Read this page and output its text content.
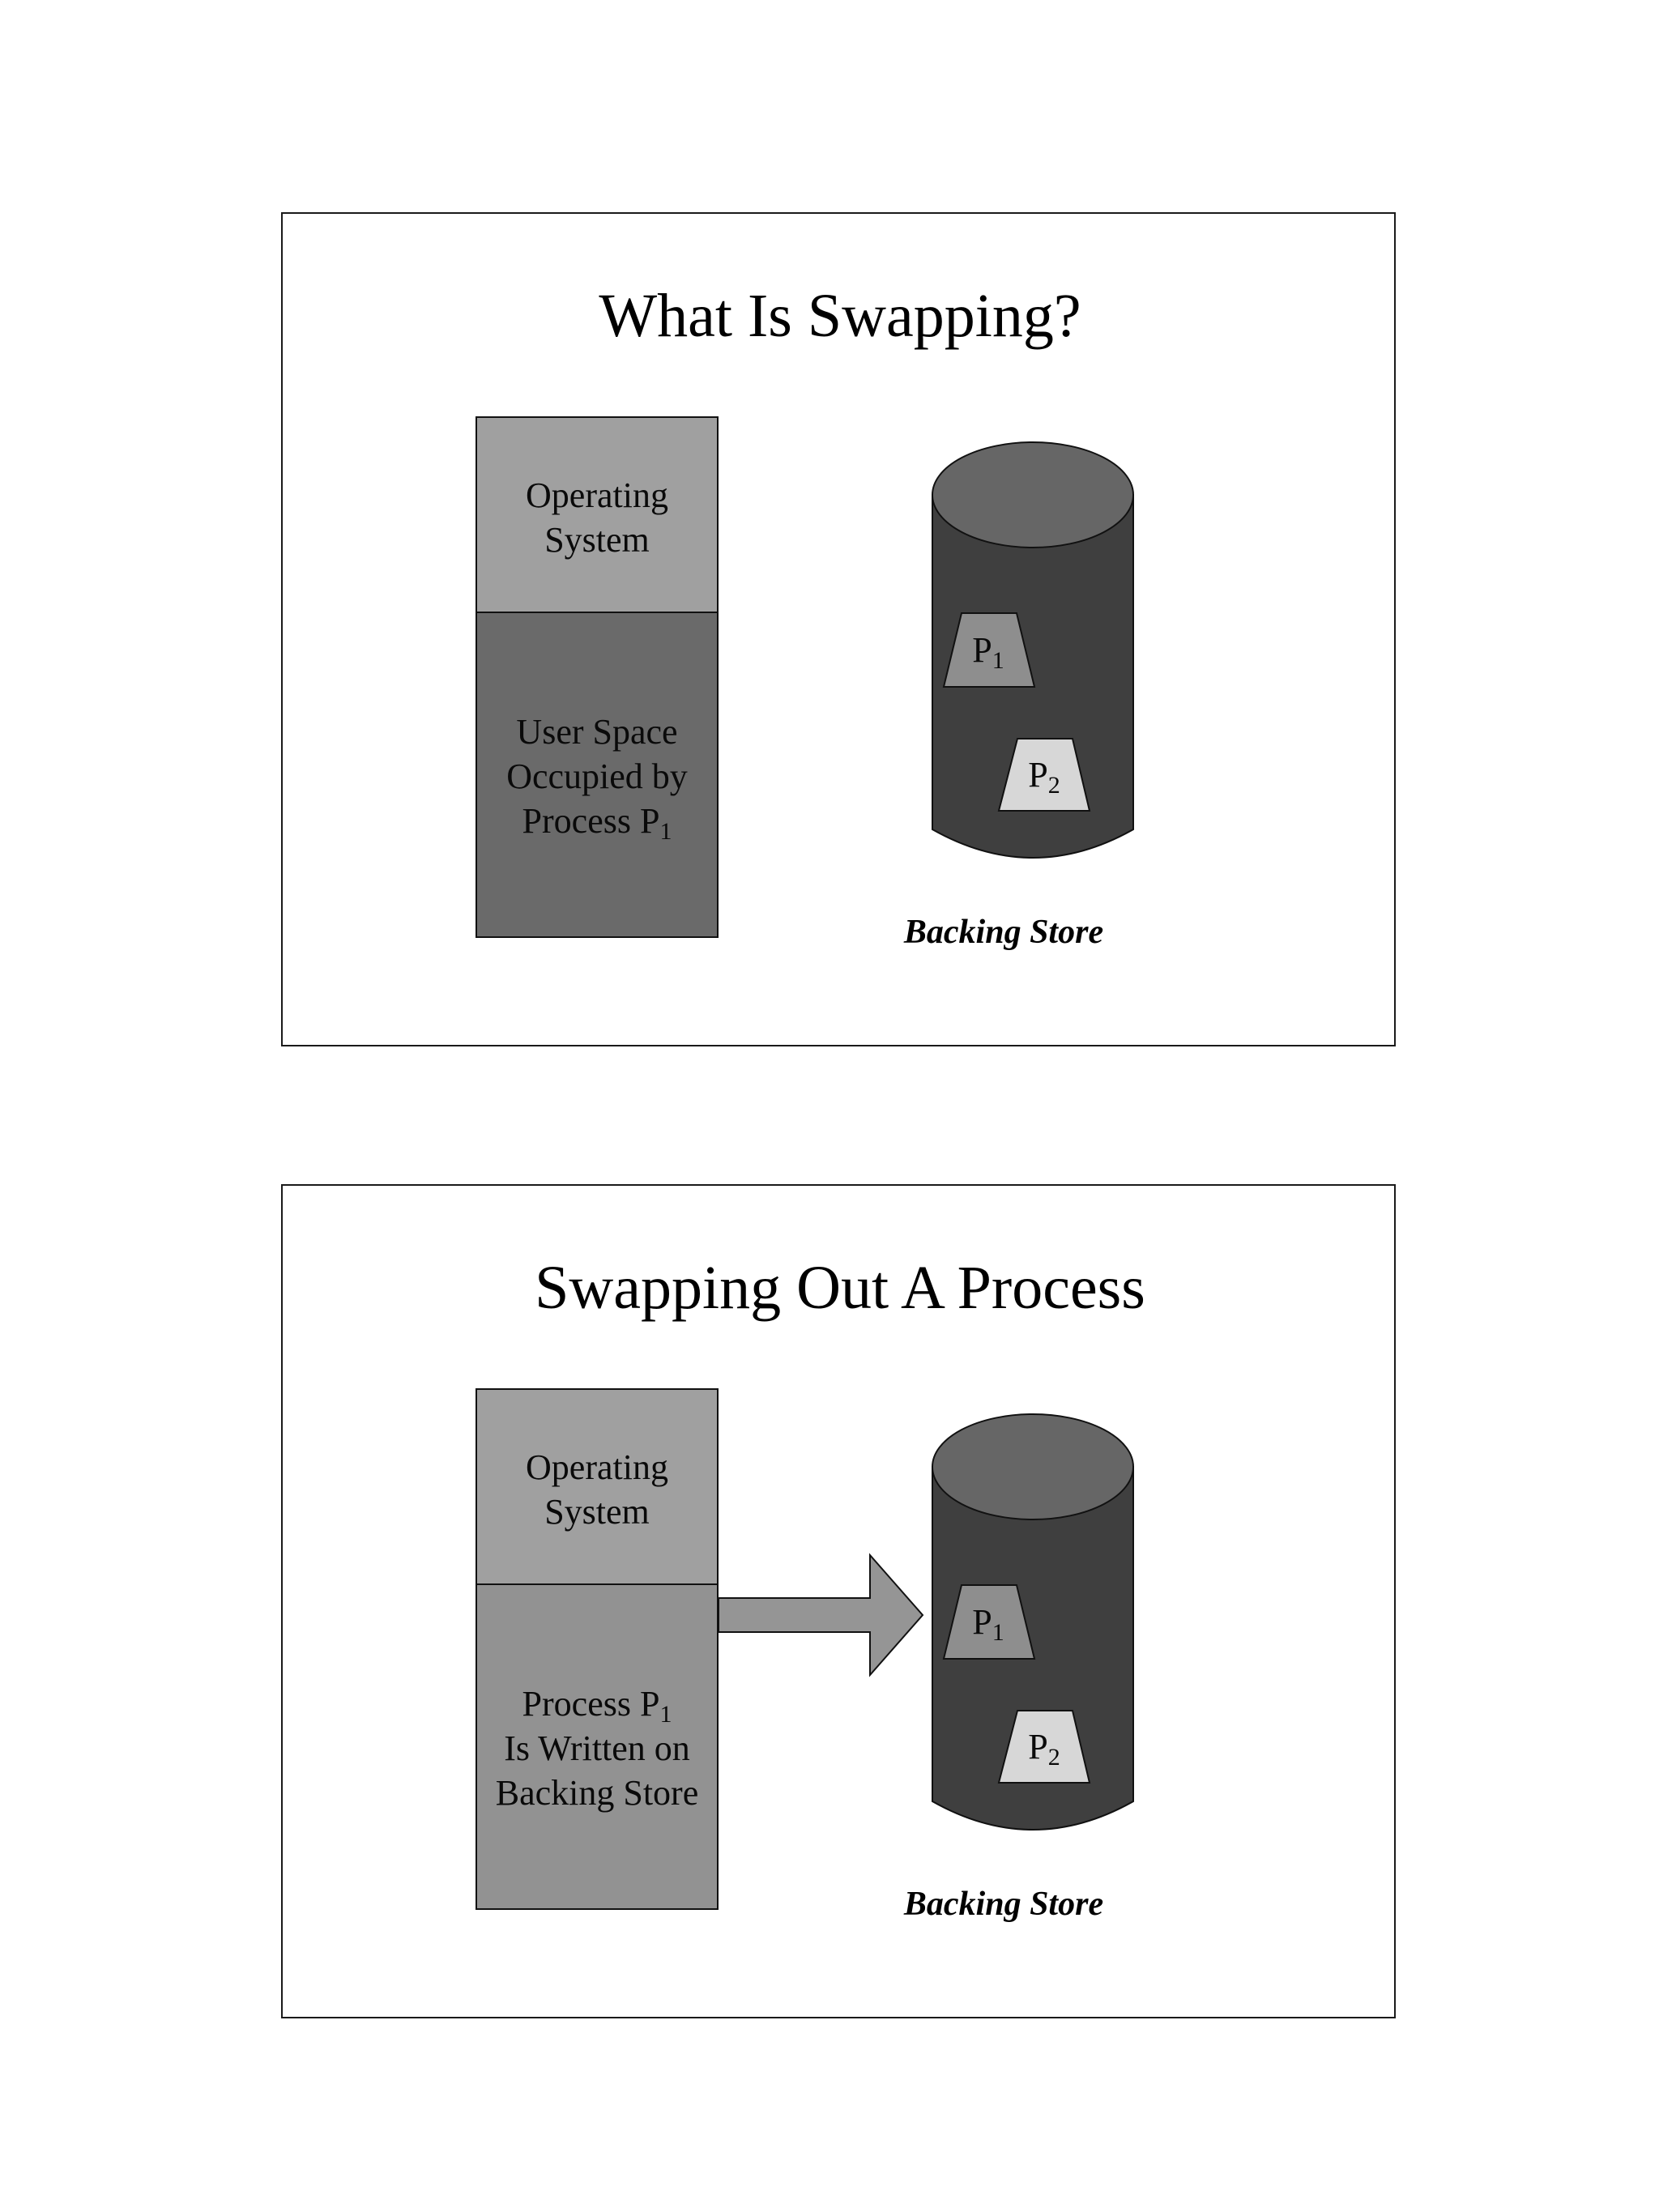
What Is Swapping?
Operating
System
User Space
Occupied by
Process $P_1$
$P_1$
$P_2$
Backing Store
Swapping Out A Process
Operating
System
Process $P_1$
Is Written on
Backing Store
$P_1$
$P_2$
Backing Store
